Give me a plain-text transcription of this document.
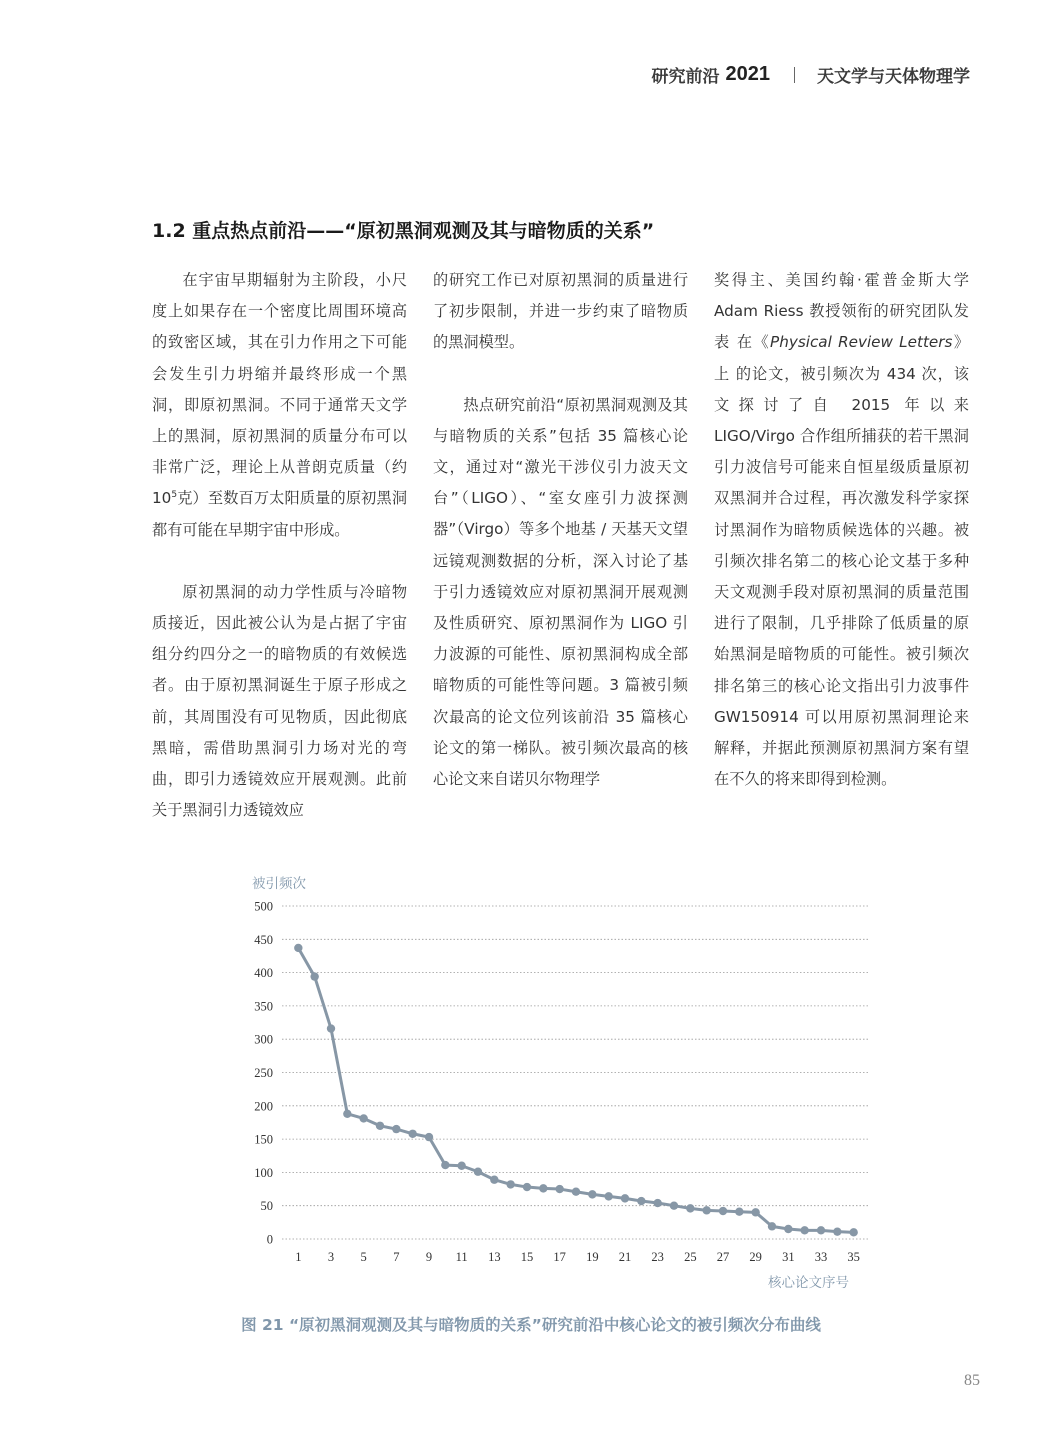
研究前沿 2021	天文学与天体物理学
1.2 重点热点前沿——“原初黑洞观测及其与暗物质的关系”

在宇宙早期辐射为主阶段，小尺度上如果存在一个密度比周围环境高的致密区域，其在引力作用之下可能会发生引力坍缩并最终形成一个黑洞，即原初黑洞。不同于通常天文学上的黑洞，原初黑洞的质量分布可以非常广泛，理论上从普朗克质量（约$10^5$克）至数百万太阳质量的原初黑洞都有可能在早期宇宙中形成。

原初黑洞的动力学性质与冷暗物质接近，因此被公认为是占据了宇宙组分约四分之一的暗物质的有效候选者。由于原初黑洞诞生于原子形成之前，其周围没有可见物质，因此彻底黑暗，需借助黑洞引力场对光的弯曲，即引力透镜效应开展观测。此前关于黑洞引力透镜效应

的研究工作已对原初黑洞的质量进行了初步限制，并进一步约束了暗物质的黑洞模型。

热点研究前沿“原初黑洞观测及其与暗物质的关系”包括 35 篇核心论文，通过对“激光干涉仪引力波天文台”（LIGO）、“室女座引力波探测器”（Virgo）等多个地基 / 天基天文望远镜观测数据的分析，深入讨论了基于引力透镜效应对原初黑洞开展观测及性质研究、原初黑洞作为 LIGO 引力波源的可能性、原初黑洞构成全部暗物质的可能性等问题。3 篇被引频次最高的论文位列该前沿 35 篇核心论文的第一梯队。被引频次最高的核心论文来自诺贝尔物理学

奖得主、美国约翰·霍普金斯大学 Adam Riess 教授领衔的研究团队发表 在《Physical Review Letters》 上 的论文，被引频次为 434 次，该文探讨了自 2015 年以来 LIGO/Virgo 合作组所捕获的若干黑洞引力波信号可能来自恒星级质量原初双黑洞并合过程，再次激发科学家探讨黑洞作为暗物质候选体的兴趣。被引频次排名第二的核心论文基于多种天文观测手段对原初黑洞的质量范围进行了限制，几乎排除了低质量的原始黑洞是暗物质的可能性。被引频次排名第三的核心论文指出引力波事件 GW150914 可以用原初黑洞理论来解释，并据此预测原初黑洞方案有望在不久的将来即得到检测。

0
50
100
150
200
250
300
350
400
450
500
1 3 5 7 9 11 13 15 17 19 21 23 25 27 29 31 33 35
被引频次
核心论文序号
图 21 “原初黑洞观测及其与暗物质的关系”研究前沿中核心论文的被引频次分布曲线
85
